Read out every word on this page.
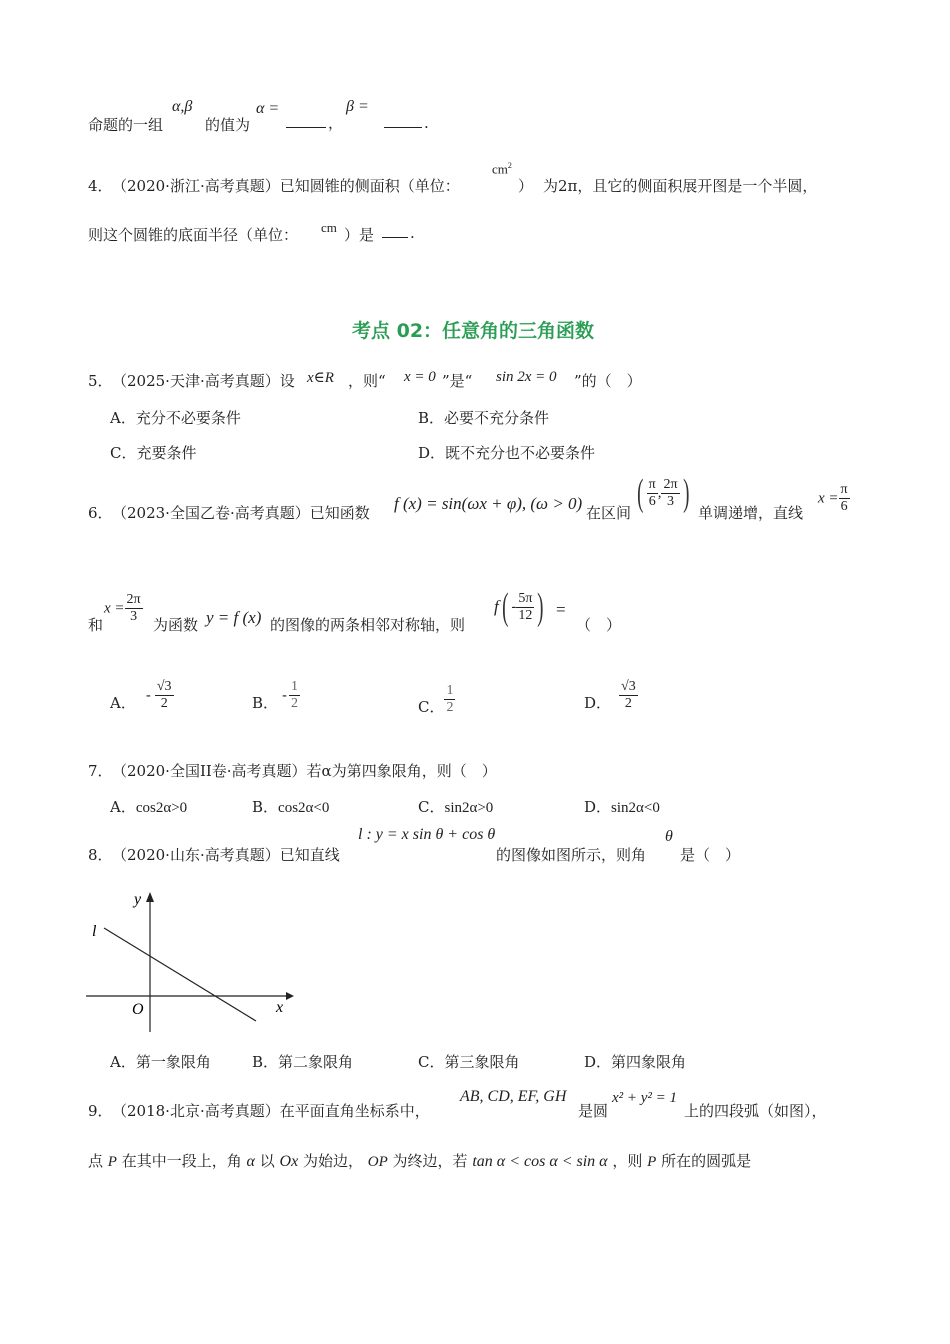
命题的一组
α,β
的值为
α =
，
β =
.
4． （2020·浙江·高考真题）已知圆锥的侧面积（单位：
$cm^2$
） 为2π，且它的侧面积展开图是一个半圆，
则这个圆锥的底面半径（单位： cm ）是 .
考点 02：任意角的三角函数
5． （2025·天津·高考真题）设 x∈R ，则“ x = 0 ”是“ sin 2x = 0 ”的（　）
A．充分不必要条件	B．必要不充分条件
C．充要条件	D．既不充分也不必要条件
6． （2023·全国乙卷·高考真题）已知函数 f (x) = sin(ωx + φ), (ω > 0) 在区间 ( $\frac{\pi}{6}$ , $\frac{2\pi}{3}$ ) 单调递增，直线
$x = \frac{\pi}{6}$
和
$x = \frac{2\pi}{3}$ 为函数 y = f (x) 的图像的两条相邻对称轴，则
$f( - \frac{5\pi}{12}$ ) =
（　）
A． - $\frac{√3}{2}$	B． - $\frac{1}{2}$	C． $\frac{1}{2}$	D． $\frac{√3}{2}$
7． （2020·全国II卷·高考真题）若α为第四象限角，则（　）
A．cos2α>0	B．cos2α<0	C．sin2α>0	D．sin2α<0
8． （2020·山东·高考真题）已知直线
l : y = x sin θ + cos θ
的图像如图所示，则角
θ
是（　）
y
x
O
l
A．第一象限角	B．第二象限角	C．第三象限角	D．第四象限角
9． （2018·北京·高考真题）在平面直角坐标系中，
AB, CD, EF, GH
是圆
x² + y² = 1
上的四段弧（如图），
点 P 在其中一段上，角 α 以 Ox 为始边， OP 为终边，若 tan α < cos α < sin α ，则 P 所在的圆弧是
